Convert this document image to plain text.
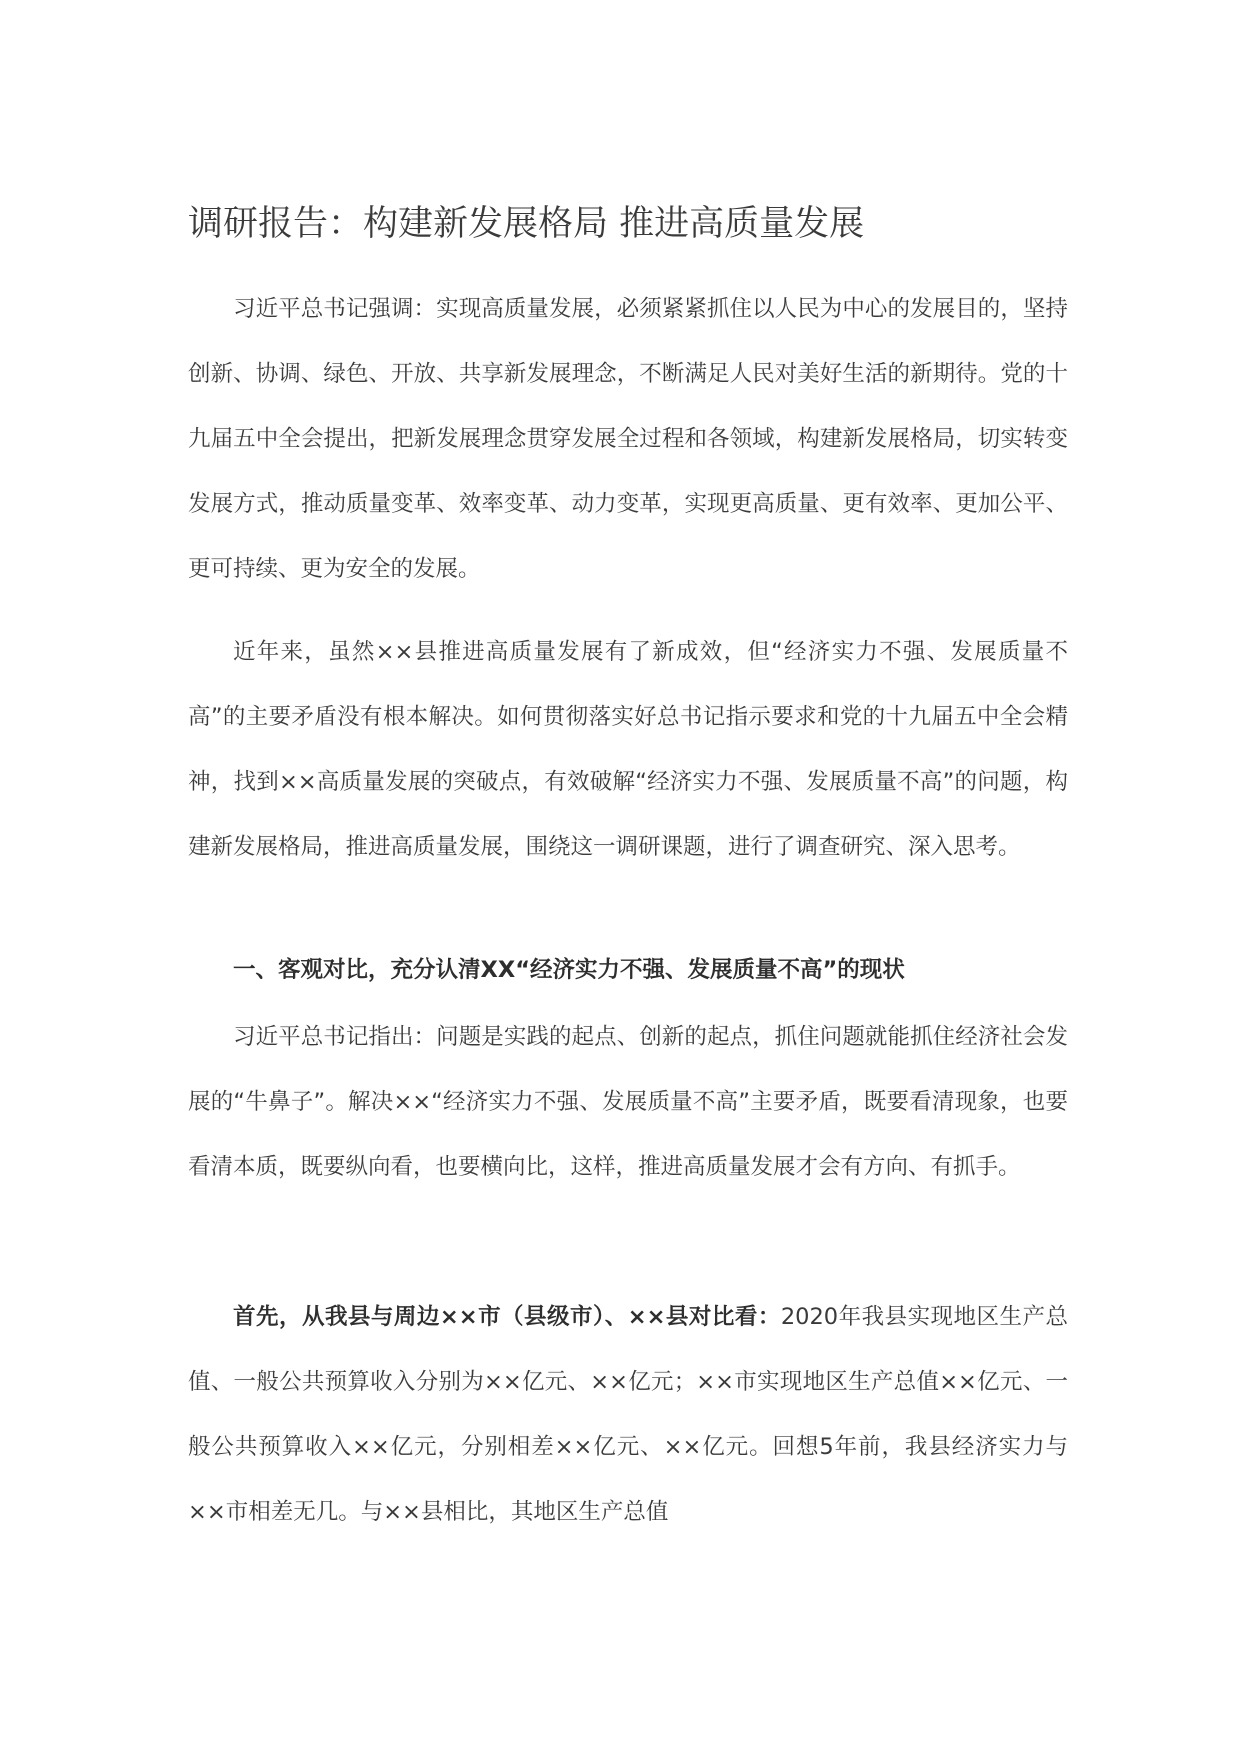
调研报告：构建新发展格局 推进高质量发展

习近平总书记强调：实现高质量发展，必须紧紧抓住以人民为中心的发展目的，坚持创新、协调、绿色、开放、共享新发展理念，不断满足人民对美好生活的新期待。党的十九届五中全会提出，把新发展理念贯穿发展全过程和各领域，构建新发展格局，切实转变发展方式，推动质量变革、效率变革、动力变革，实现更高质量、更有效率、更加公平、更可持续、更为安全的发展。

近年来，虽然××县推进高质量发展有了新成效，但“经济实力不强、发展质量不高”的主要矛盾没有根本解决。如何贯彻落实好总书记指示要求和党的十九届五中全会精神，找到××高质量发展的突破点，有效破解“经济实力不强、发展质量不高”的问题，构建新发展格局，推进高质量发展，围绕这一调研课题，进行了调查研究、深入思考。

一、客观对比，充分认清XX“经济实力不强、发展质量不高”的现状

习近平总书记指出：问题是实践的起点、创新的起点，抓住问题就能抓住经济社会发展的“牛鼻子”。解决××“经济实力不强、发展质量不高”主要矛盾，既要看清现象，也要看清本质，既要纵向看，也要横向比，这样，推进高质量发展才会有方向、有抓手。

首先，从我县与周边××市（县级市）、××县对比看：2020年我县实现地区生产总值、一般公共预算收入分别为××亿元、××亿元；××市实现地区生产总值××亿元、一般公共预算收入××亿元，分别相差××亿元、××亿元。回想5年前，我县经济实力与××市相差无几。与××县相比，其地区生产总值
